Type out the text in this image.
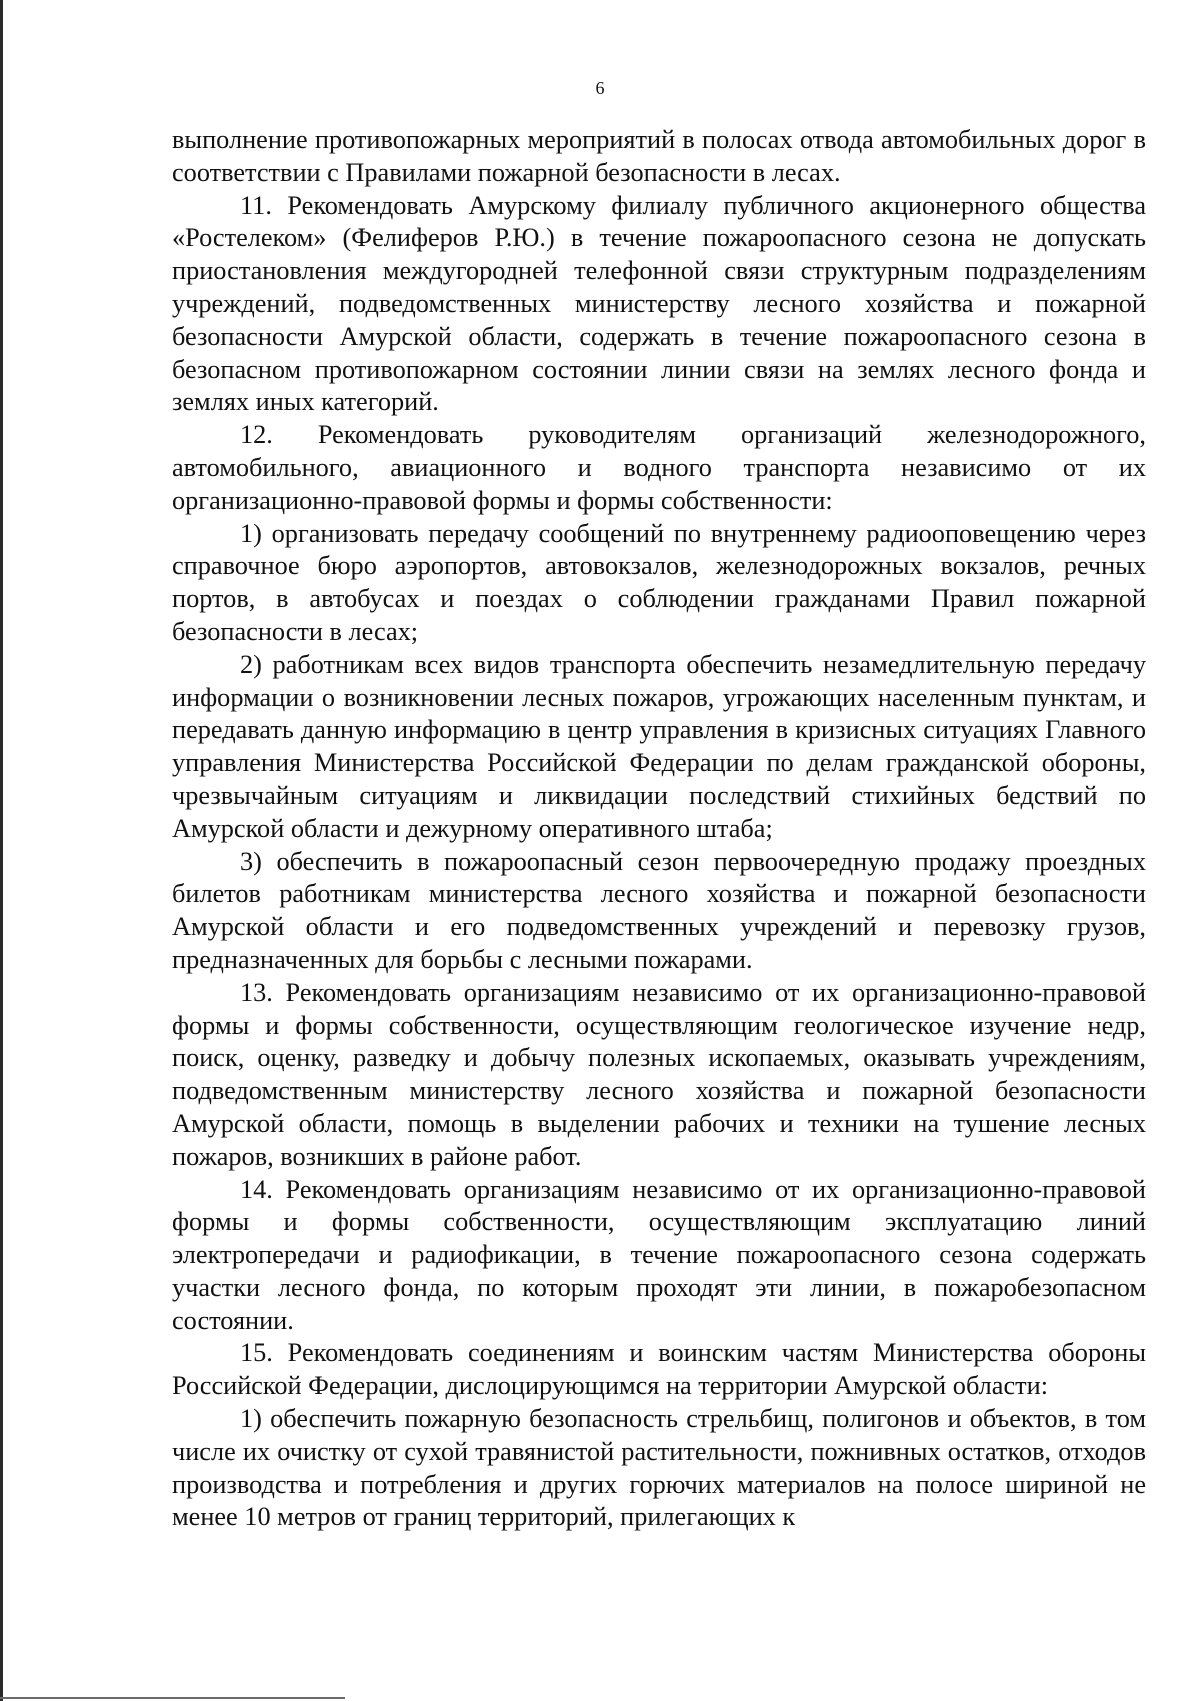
6

выполнение противопожарных мероприятий в полосах отвода автомобильных дорог в соответствии с Правилами пожарной безопасности в лесах.

11. Рекомендовать Амурскому филиалу публичного акционерного общества «Ростелеком» (Фелиферов Р.Ю.) в течение пожароопасного сезона не допускать приостановления междугородней телефонной связи структурным подразделениям учреждений, подведомственных министерству лесного хозяйства и пожарной безопасности Амурской области, содержать в течение пожароопасного сезона в безопасном противопожарном состоянии линии связи на землях лесного фонда и землях иных категорий.

12. Рекомендовать руководителям организаций железнодорожного, автомобильного, авиационного и водного транспорта независимо от их организационно-правовой формы и формы собственности:

1) организовать передачу сообщений по внутреннему радиооповещению через справочное бюро аэропортов, автовокзалов, железнодорожных вокзалов, речных портов, в автобусах и поездах о соблюдении гражданами Правил пожарной безопасности в лесах;

2) работникам всех видов транспорта обеспечить незамедлительную передачу информации о возникновении лесных пожаров, угрожающих населенным пунктам, и передавать данную информацию в центр управления в кризисных ситуациях Главного управления Министерства Российской Федерации по делам гражданской обороны, чрезвычайным ситуациям и ликвидации последствий стихийных бедствий по Амурской области и дежурному оперативного штаба;

3) обеспечить в пожароопасный сезон первоочередную продажу проездных билетов работникам министерства лесного хозяйства и пожарной безопасности Амурской области и его подведомственных учреждений и перевозку грузов, предназначенных для борьбы с лесными пожарами.

13. Рекомендовать организациям независимо от их организационно-правовой формы и формы собственности, осуществляющим геологическое изучение недр, поиск, оценку, разведку и добычу полезных ископаемых, оказывать учреждениям, подведомственным министерству лесного хозяйства и пожарной безопасности Амурской области, помощь в выделении рабочих и техники на тушение лесных пожаров, возникших в районе работ.

14. Рекомендовать организациям независимо от их организационно-правовой формы и формы собственности, осуществляющим эксплуатацию линий электропередачи и радиофикации, в течение пожароопасного сезона содержать участки лесного фонда, по которым проходят эти линии, в пожаробезопасном состоянии.

15. Рекомендовать соединениям и воинским частям Министерства обороны Российской Федерации, дислоцирующимся на территории Амурской области:

1) обеспечить пожарную безопасность стрельбищ, полигонов и объектов, в том числе их очистку от сухой травянистой растительности, пожнивных остатков, отходов производства и потребления и других горючих материалов на полосе шириной не менее 10 метров от границ территорий, прилегающих к
